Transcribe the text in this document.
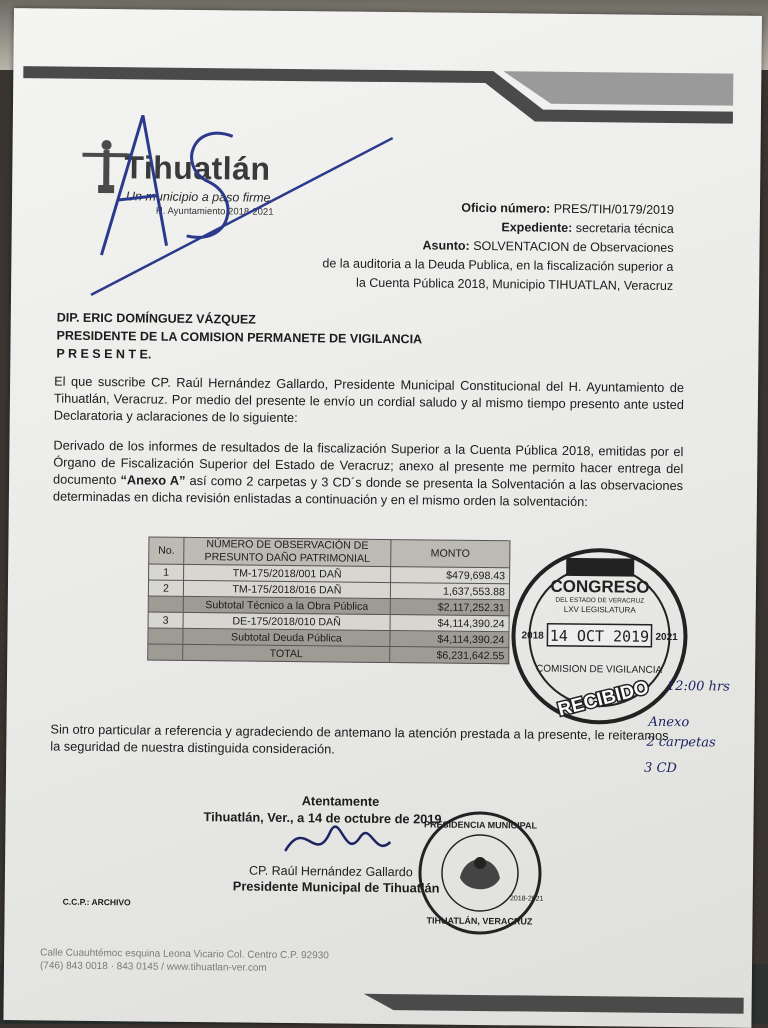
Tihuatlán
Un municipio a paso firme
H. Ayuntamiento 2018-2021	Oficio número: PRES/TIH/0179/2019
Expediente: secretaria técnica
Asunto: SOLVENTACION de Observaciones
de la auditoria a la Deuda Publica, en la fiscalización superior a
la Cuenta Pública 2018, Municipio TIHUATLAN, Veracruz
DIP. ERIC DOMÍNGUEZ VÁZQUEZ
PRESIDENTE DE LA COMISION PERMANETE DE VIGILANCIA
P R E S E N T E.
El que suscribe CP. Raúl Hernández Gallardo, Presidente Municipal Constitucional del H. Ayuntamiento de Tihuatlán, Veracruz. Por medio del presente le envío un cordial saludo y al mismo tiempo presento ante usted Declaratoria y aclaraciones de lo siguiente:
Derivado de los informes de resultados de la fiscalización Superior a la Cuenta Pública 2018, emitidas por el Órgano de Fiscalización Superior del Estado de Veracruz; anexo al presente me permito hacer entrega del documento “Anexo A” así como 2 carpetas y 3 CD´s donde se presenta la Solventación a las observaciones determinadas en dicha revisión enlistadas a continuación y en el mismo orden la solventación:
No.	NÚMERO DE OBSERVACIÓN DE PRESUNTO DAÑO PATRIMONIAL	MONTO
1	TM-175/2018/001 DAÑ	$479,698.43
2	TM-175/2018/016 DAÑ	1,637,553.88
	Subtotal Técnico a la Obra Pública	$2,117,252.31
3	DE-175/2018/010 DAÑ	$4,114,390.24
	Subtotal Deuda Pública	$4,114,390.24
	TOTAL	$6,231,642.55
CONGRESO
DEL ESTADO DE VERACRUZ
LXV LEGISLATURA
2018 14 OCT 2019 2021
COMISION DE VIGILANCIA
RECIBIDO 12:00 hrs
Anexo
2 carpetas
3 CD
Sin otro particular a referencia y agradeciendo de antemano la atención prestada a la presente, le reiteramos la seguridad de nuestra distinguida consideración.
Atentamente
Tihuatlán, Ver., a 14 de octubre de 2019
CP. Raúl Hernández Gallardo
Presidente Municipal de Tihuatlán
C.C.P.: ARCHIVO
PRESIDENCIA MUNICIPAL
TIHUATLÁN, VERACRUZ
2018-2021
Calle Cuauhtémoc esquina Leona Vicario Col. Centro C.P. 92930
(746) 843 0018 · 843 0145 / www.tihuatlan-ver.com
